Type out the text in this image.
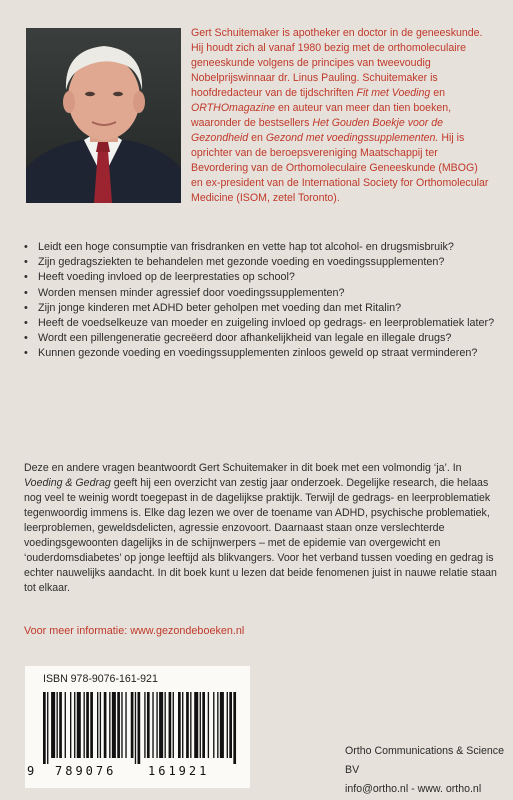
Gert Schuitemaker is apotheker en doctor in de geneeskunde. Hij houdt zich al vanaf 1980 bezig met de orthomoleculaire geneeskunde volgens de principes van tweevoudig Nobelprijswinnaar dr. Linus Pauling. Schuitemaker is hoofdredacteur van de tijdschriften Fit met Voeding en ORTHOmagazine en auteur van meer dan tien boeken, waaronder de bestsellers Het Gouden Boekje voor de Gezondheid en Gezond met voedingssupplementen. Hij is oprichter van de beroepsvereniging Maatschappij ter Bevordering van de Orthomoleculaire Geneeskunde (MBOG) en ex-president van de International Society for Orthomolecular Medicine (ISOM, zetel Toronto).

• Leidt een hoge consumptie van frisdranken en vette hap tot alcohol- en drugsmisbruik?
• Zijn gedragsziekten te behandelen met gezonde voeding en voedingssupplementen?
• Heeft voeding invloed op de leerprestaties op school?
• Worden mensen minder agressief door voedingssupplementen?
• Zijn jonge kinderen met ADHD beter geholpen met voeding dan met Ritalin?
• Heeft de voedselkeuze van moeder en zuigeling invloed op gedrags- en leerproblematiek later?
• Wordt een pillengeneratie gecreëerd door afhankelijkheid van legale en illegale drugs?
• Kunnen gezonde voeding en voedingssupplementen zinloos geweld op straat verminderen?

Deze en andere vragen beantwoordt Gert Schuitemaker in dit boek met een volmondig ‘ja’. In Voeding & Gedrag geeft hij een overzicht van zestig jaar onderzoek. Degelijke research, die helaas nog veel te weinig wordt toegepast in de dagelijkse praktijk. Terwijl de gedrags- en leerproblematiek tegenwoordig immens is. Elke dag lezen we over de toename van ADHD, psychische problematiek, leerproblemen, geweldsdelicten, agressie enzovoort. Daarnaast staan onze verslechterde voedingsgewoonten dagelijks in de schijnwerpers – met de epidemie van overgewicht en ‘ouderdomsdiabetes’ op jonge leeftijd als blikvangers. Voor het verband tussen voeding en gedrag is echter nauwelijks aandacht. In dit boek kunt u lezen dat beide fenomenen juist in nauwe relatie staan tot elkaar.

Voor meer informatie: www.gezondeboeken.nl

ISBN 978-9076-161-921
9 789076	161921
Ortho Communications & Science BV
info@ortho.nl - www. ortho.nl
